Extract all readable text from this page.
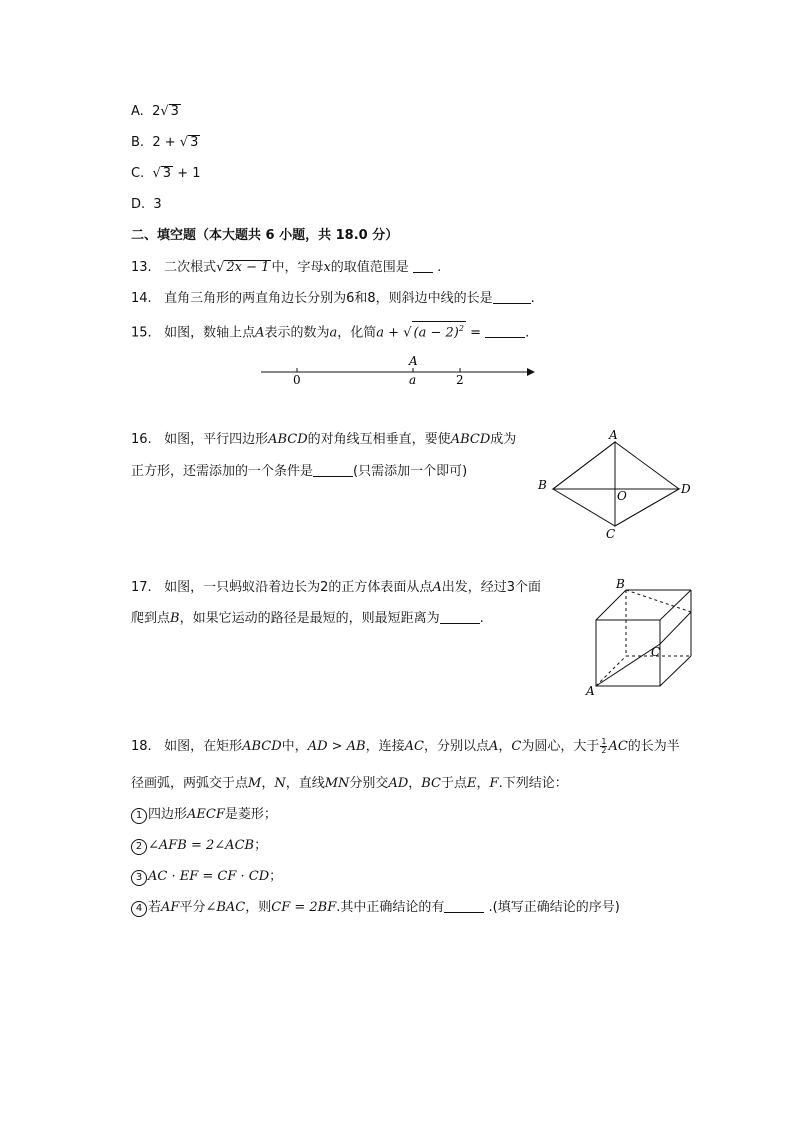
A. 2√ 3
B. 2 + √ 3
C. √ 3 + 1
D. 3
二、填空题（本大题共 6 小题，共 18.0 分）
13. 二次根式√ 2x − 1 中，字母x的取值范围是 .
14. 直角三角形的两直角边长分别为6和8，则斜边中线的长是	.
15. 如图，数轴上点A表示的数为a，化简a + √ $(a - 2)^2$ =	.
A
0	a	2
16. 如图，平行四边形ABCD的对角线互相垂直，要使ABCD成为
正方形，还需添加的一个条件是	(只需添加一个即可)
A
B
C
D
O
17. 如图，一只蚂蚁沿着边长为2的正方体表面从点A出发，经过3个面
爬到点B，如果它运动的路径是最短的，则最短距离为	.
B
C
A
18. 如图，在矩形ABCD中，AD > AB，连接AC，分别以点A，C为圆心，大于 $\frac{1}{2}$ AC的长为半
径画弧，两弧交于点M，N，直线MN分别交AD，BC于点E，F.下列结论：
1 四边形AECF是菱形；
2 ∠AFB = 2∠ACB；
3 AC · EF = CF · CD；
4 若AF平分∠BAC，则CF = 2BF.其中正确结论的有	.(填写正确结论的序号)
